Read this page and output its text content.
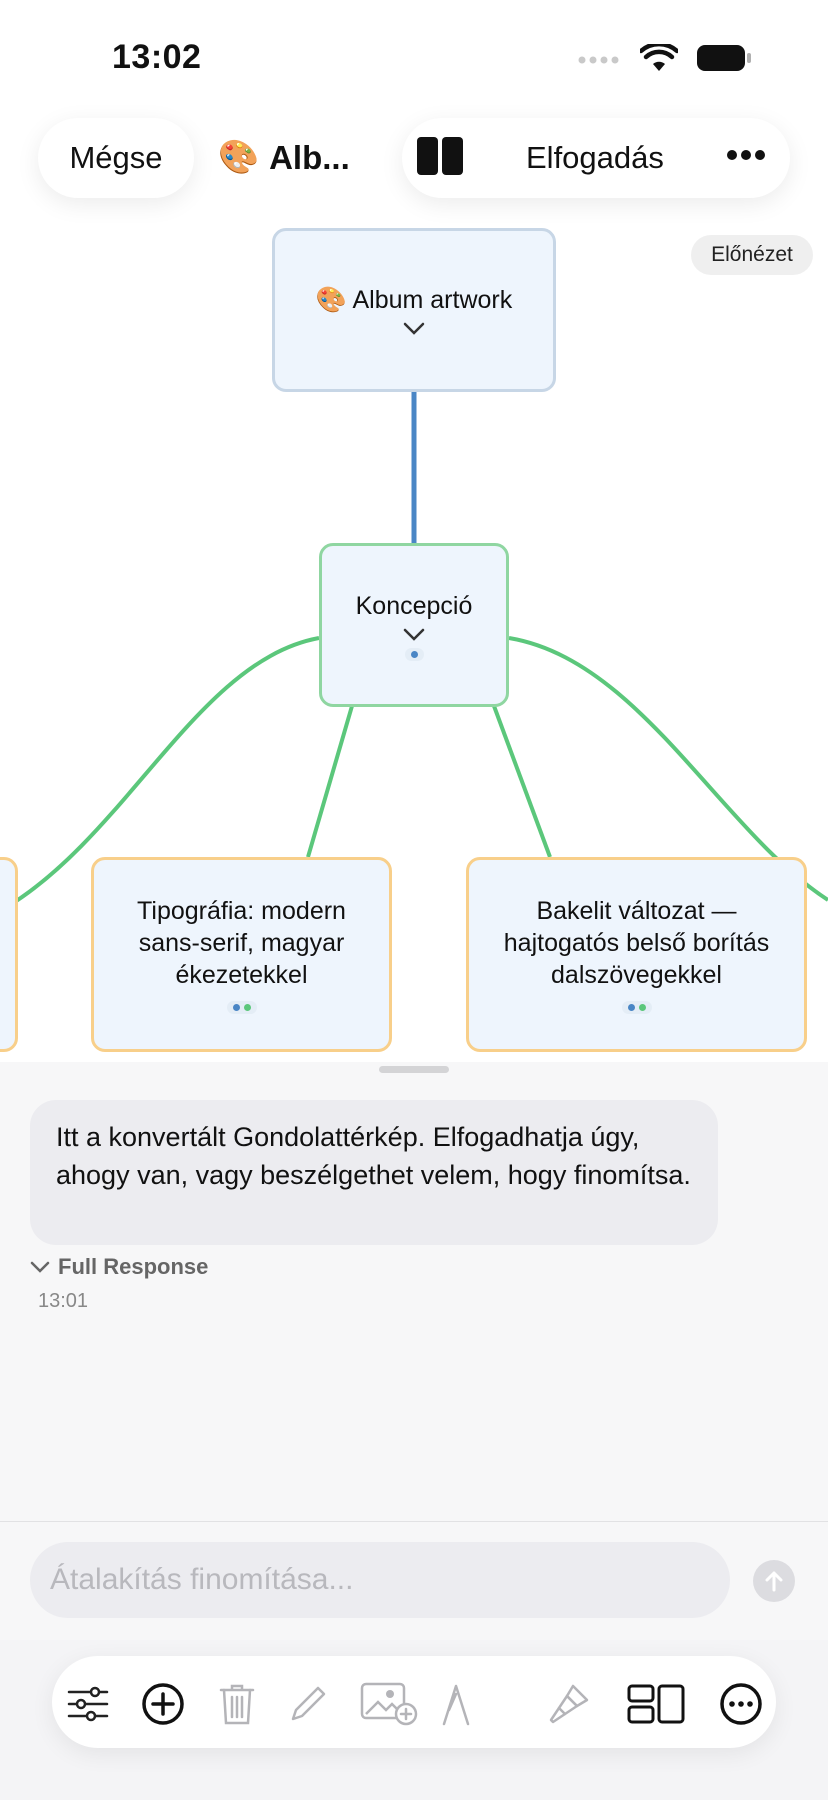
13:02
Mégse 🎨 Alb...	Elfogadás
Előnézet
🎨 Album artwork
Koncepció
Tipográfia: modern sans-serif, magyar ékezetekkel
Bakelit változat — hajtogatós belső borítás dalszövegekkel
Itt a konvertált Gondolattérkép. Elfogadhatja úgy, ahogy van, vagy beszélgethet velem, hogy finomítsa.
Full Response
13:01
Átalakítás finomítása...
